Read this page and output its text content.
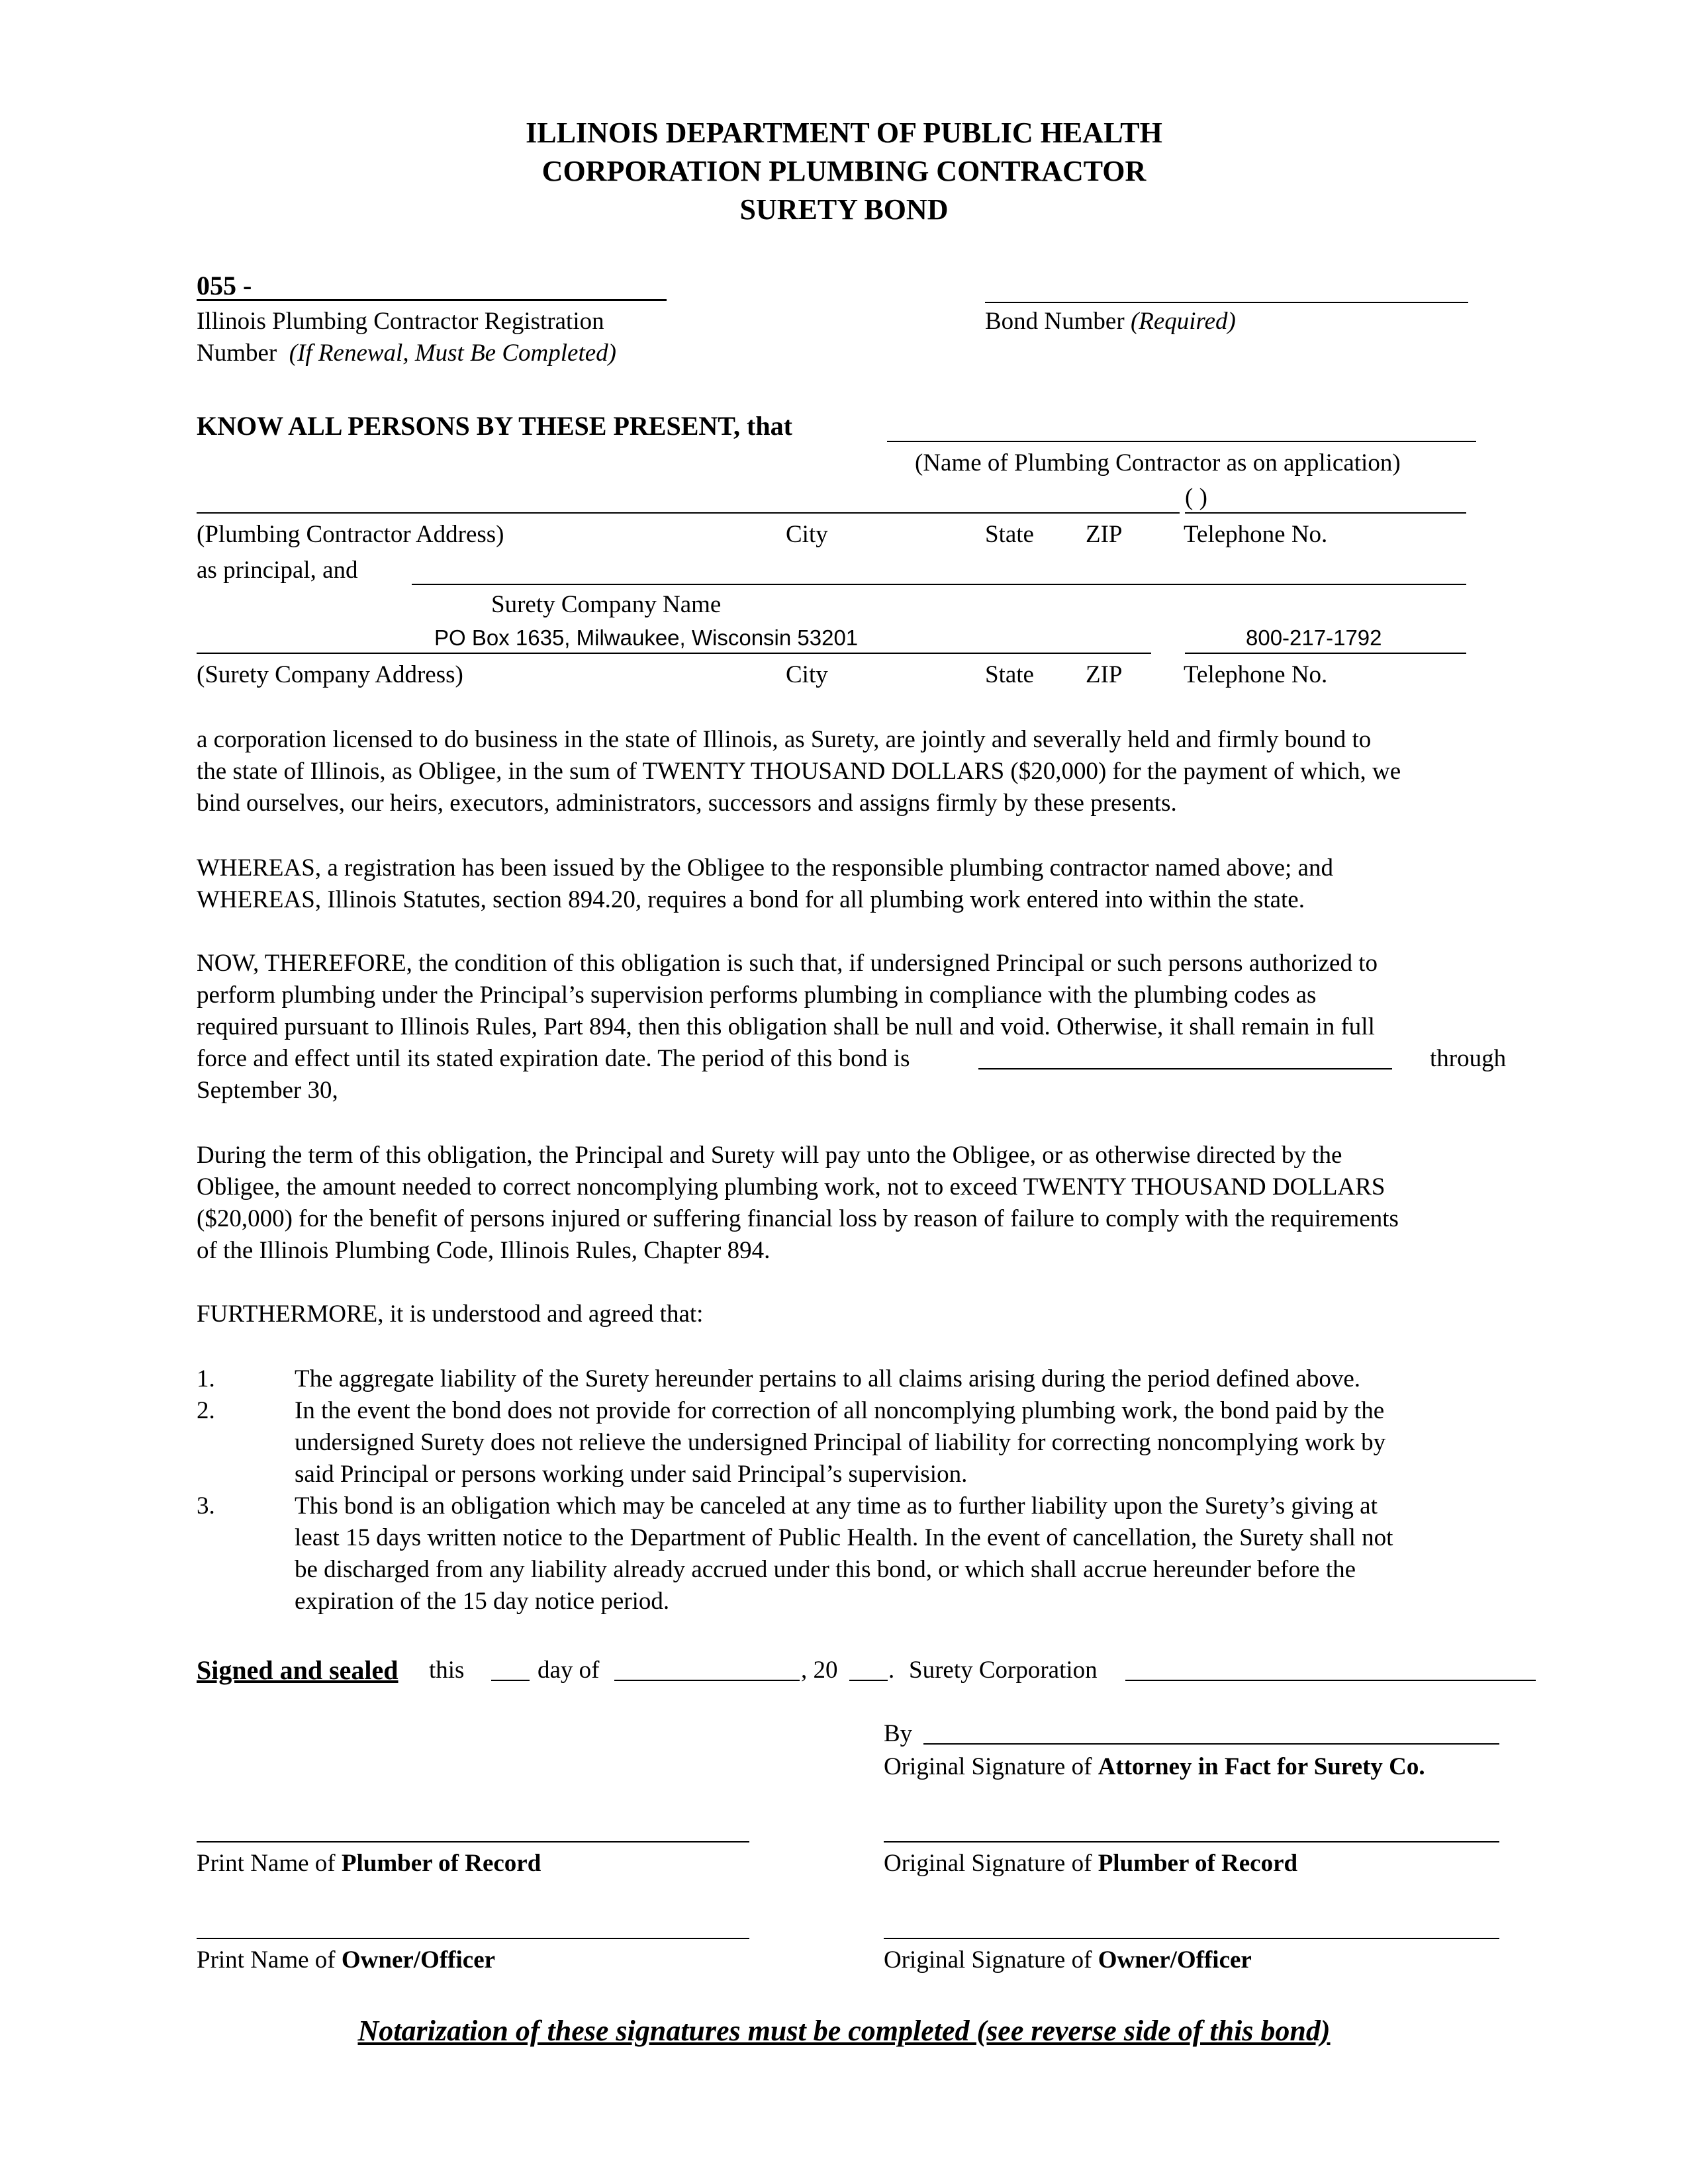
ILLINOIS DEPARTMENT OF PUBLIC HEALTH
CORPORATION PLUMBING CONTRACTOR
SURETY BOND
055 -
Illinois Plumbing Contractor Registration
Number (If Renewal, Must Be Completed)
Bond Number (Required)
KNOW ALL PERSONS BY THESE PRESENT, that
(Name of Plumbing Contractor as on application)
( )
(Plumbing Contractor Address)	City	State ZIP	Telephone No.
as principal, and
Surety Company Name
PO Box 1635, Milwaukee, Wisconsin 53201	800-217-1792
(Surety Company Address)	City	State ZIP	Telephone No.
a corporation licensed to do business in the state of Illinois, as Surety, are jointly and severally held and firmly bound to
the state of Illinois, as Obligee, in the sum of TWENTY THOUSAND DOLLARS ($20,000) for the payment of which, we
bind ourselves, our heirs, executors, administrators, successors and assigns firmly by these presents.
WHEREAS, a registration has been issued by the Obligee to the responsible plumbing contractor named above; and
WHEREAS, Illinois Statutes, section 894.20, requires a bond for all plumbing work entered into within the state.
NOW, THEREFORE, the condition of this obligation is such that, if undersigned Principal or such persons authorized to
perform plumbing under the Principal’s supervision performs plumbing in compliance with the plumbing codes as
required pursuant to Illinois Rules, Part 894, then this obligation shall be null and void. Otherwise, it shall remain in full
force and effect until its stated expiration date. The period of this bond is	through
September 30,
During the term of this obligation, the Principal and Surety will pay unto the Obligee, or as otherwise directed by the
Obligee, the amount needed to correct noncomplying plumbing work, not to exceed TWENTY THOUSAND DOLLARS
($20,000) for the benefit of persons injured or suffering financial loss by reason of failure to comply with the requirements
of the Illinois Plumbing Code, Illinois Rules, Chapter 894.
FURTHERMORE, it is understood and agreed that:
1.	The aggregate liability of the Surety hereunder pertains to all claims arising during the period defined above.
2.	In the event the bond does not provide for correction of all noncomplying plumbing work, the bond paid by the
undersigned Surety does not relieve the undersigned Principal of liability for correcting noncomplying work by
said Principal or persons working under said Principal’s supervision.
3.	This bond is an obligation which may be canceled at any time as to further liability upon the Surety’s giving at
least 15 days written notice to the Department of Public Health. In the event of cancellation, the Surety shall not
be discharged from any liability already accrued under this bond, or which shall accrue hereunder before the
expiration of the 15 day notice period.
Signed and sealed this	day of	, 20 . Surety Corporation
By
Original Signature of Attorney in Fact for Surety Co.
Print Name of Plumber of Record	Original Signature of Plumber of Record
Print Name of Owner/Officer	Original Signature of Owner/Officer
Notarization of these signatures must be completed (see reverse side of this bond)
